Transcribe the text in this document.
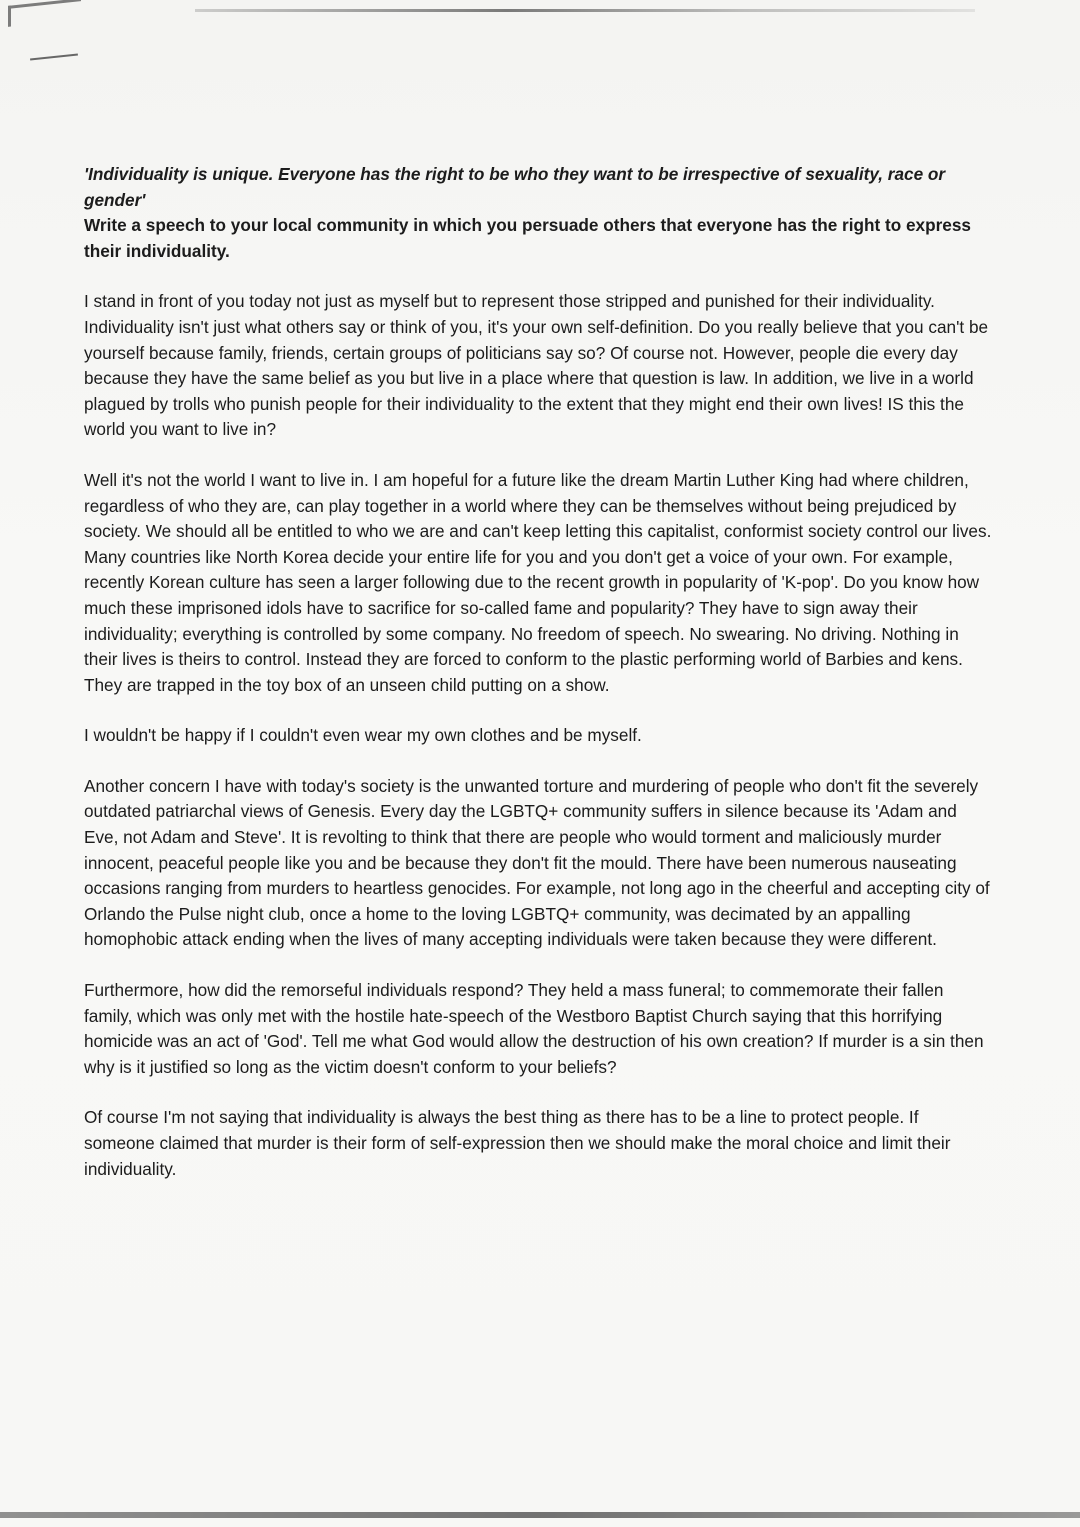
'Individuality is unique. Everyone has the right to be who they want to be irrespective of sexuality, race or gender'

Write a speech to your local community in which you persuade others that everyone has the right to express their individuality.

I stand in front of you today not just as myself but to represent those stripped and punished for their individuality. Individuality isn't just what others say or think of you, it's your own self-definition. Do you really believe that you can't be yourself because family, friends, certain groups of politicians say so? Of course not. However, people die every day because they have the same belief as you but live in a place where that question is law. In addition, we live in a world plagued by trolls who punish people for their individuality to the extent that they might end their own lives! IS this the world you want to live in?

Well it's not the world I want to live in. I am hopeful for a future like the dream Martin Luther King had where children, regardless of who they are, can play together in a world where they can be themselves without being prejudiced by society. We should all be entitled to who we are and can't keep letting this capitalist, conformist society control our lives. Many countries like North Korea decide your entire life for you and you don't get a voice of your own. For example, recently Korean culture has seen a larger following due to the recent growth in popularity of 'K-pop'. Do you know how much these imprisoned idols have to sacrifice for so-called fame and popularity? They have to sign away their individuality; everything is controlled by some company. No freedom of speech. No swearing. No driving. Nothing in their lives is theirs to control. Instead they are forced to conform to the plastic performing world of Barbies and kens. They are trapped in the toy box of an unseen child putting on a show.

I wouldn't be happy if I couldn't even wear my own clothes and be myself.

Another concern I have with today's society is the unwanted torture and murdering of people who don't fit the severely outdated patriarchal views of Genesis. Every day the LGBTQ+ community suffers in silence because its 'Adam and Eve, not Adam and Steve'. It is revolting to think that there are people who would torment and maliciously murder innocent, peaceful people like you and be because they don't fit the mould. There have been numerous nauseating occasions ranging from murders to heartless genocides. For example, not long ago in the cheerful and accepting city of Orlando the Pulse night club, once a home to the loving LGBTQ+ community, was decimated by an appalling homophobic attack ending when the lives of many accepting individuals were taken because they were different.

Furthermore, how did the remorseful individuals respond? They held a mass funeral; to commemorate their fallen family, which was only met with the hostile hate-speech of the Westboro Baptist Church saying that this horrifying homicide was an act of 'God'. Tell me what God would allow the destruction of his own creation? If murder is a sin then why is it justified so long as the victim doesn't conform to your beliefs?

Of course I'm not saying that individuality is always the best thing as there has to be a line to protect people. If someone claimed that murder is their form of self-expression then we should make the moral choice and limit their individuality.
